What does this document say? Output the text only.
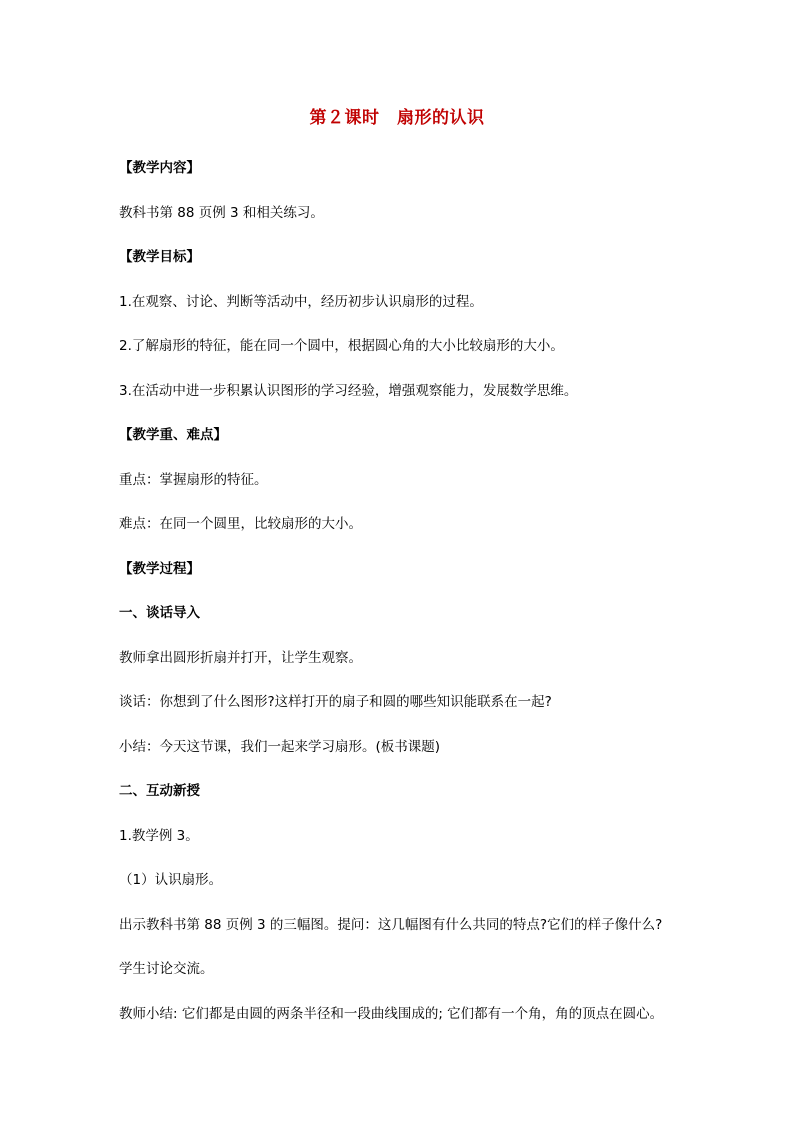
第２课时　扇形的认识
【教学内容】
教科书第 88 页例 3 和相关练习。
【教学目标】
1.在观察、讨论、判断等活动中，经历初步认识扇形的过程。
2.了解扇形的特征，能在同一个圆中，根据圆心角的大小比较扇形的大小。
3.在活动中进一步积累认识图形的学习经验，增强观察能力，发展数学思维。
【教学重、难点】
重点：掌握扇形的特征。
难点：在同一个圆里，比较扇形的大小。
【教学过程】
一、谈话导入
教师拿出圆形折扇并打开，让学生观察。
谈话：你想到了什么图形?这样打开的扇子和圆的哪些知识能联系在一起?
小结：今天这节课，我们一起来学习扇形。(板书课题)
二、互动新授
1.教学例 3。
（1）认识扇形。
出示教科书第 88 页例 3 的三幅图。提问：这几幅图有什么共同的特点?它们的样子像什么?
学生讨论交流。
教师小结: 它们都是由圆的两条半径和一段曲线围成的; 它们都有一个角，角的顶点在圆心。
